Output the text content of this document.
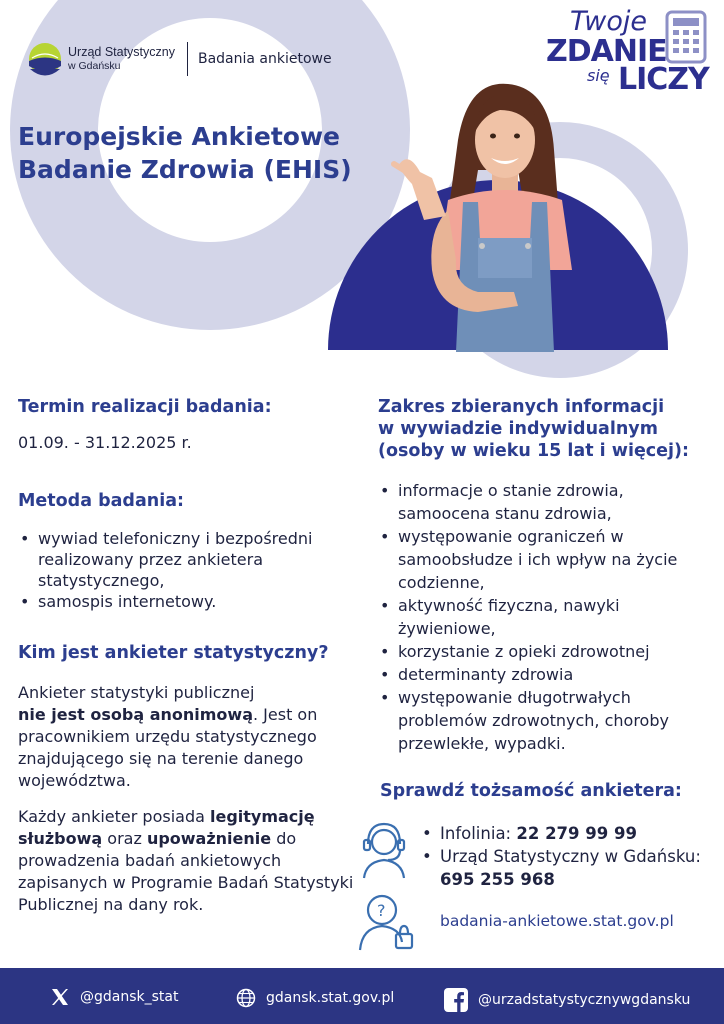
Urząd Statystyczny
w Gdańsku	Badania ankietowe
Twoje
ZDANIE
się LICZY
Europejskie Ankietowe
Badanie Zdrowia (EHIS)
Termin realizacji badania:

01.09. - 31.12.2025 r.

Metoda badania:
• wywiad telefoniczny i bezpośredni realizowany przez ankietera statystycznego,
• samospis internetowy.
Kim jest ankieter statystyczny?

Ankieter statystyki publicznej
nie jest osobą anonimową. Jest on pracownikiem urzędu statystycznego znajdującego się na terenie danego województwa.

Każdy ankieter posiada legitymację służbową oraz upoważnienie do prowadzenia badań ankietowych zapisanych w Programie Badań Statystyki Publicznej na dany rok.

Zakres zbieranych informacji
w wywiadzie indywidualnym
(osoby w wieku 15 lat i więcej):
• informacje o stanie zdrowia, samoocena stanu zdrowia,
• występowanie ograniczeń w samoobsłudze i ich wpływ na życie codzienne,
• aktywność fizyczna, nawyki żywieniowe,
• korzystanie z opieki zdrowotnej
• determinanty zdrowia
• występowanie długotrwałych problemów zdrowotnych, choroby przewlekłe, wypadki.
Sprawdź tożsamość ankietera:
?
• Infolinia: 22 279 99 99
• Urząd Statystyczny w Gdańsku:
695 255 968
badania-ankietowe.stat.gov.pl
@gdansk_stat	gdansk.stat.gov.pl	@urzadstatystycznywgdansku
